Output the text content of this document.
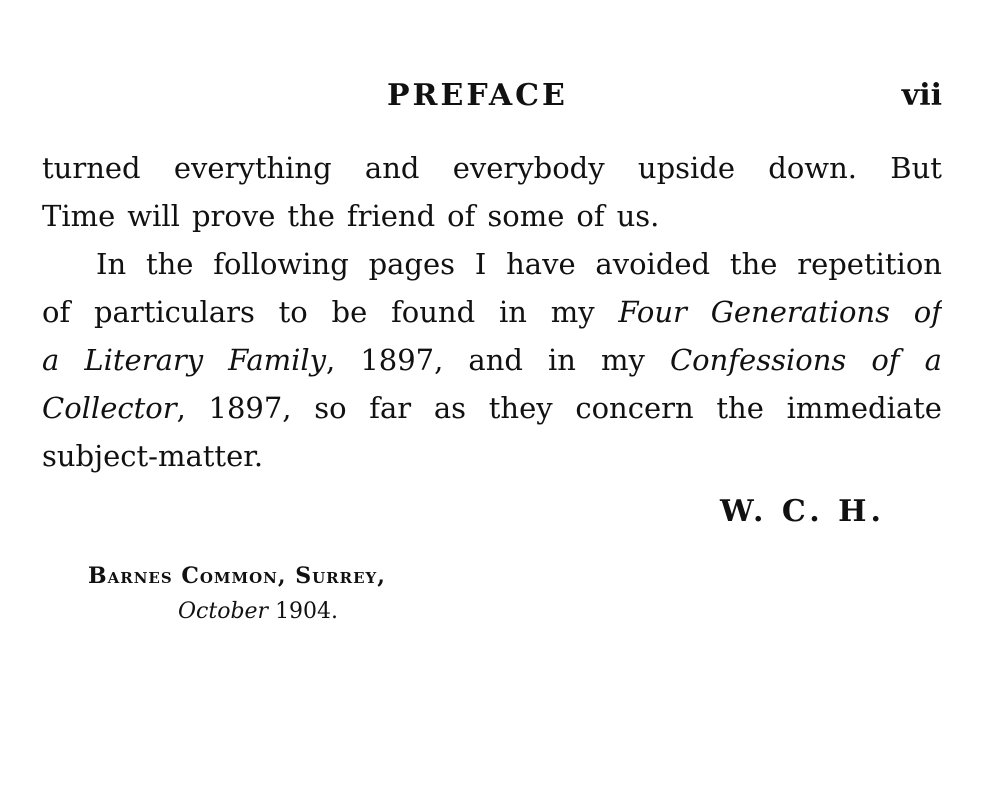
PREFACE	vii
turned everything and everybody upside down. But
Time will prove the friend of some of us.
In the following pages I have avoided the repetition
of particulars to be found in my Four Generations of
a Literary Family, 1897, and in my Confessions of a
Collector, 1897, so far as they concern the immediate
subject-matter.
W. C. H.
Barnes Common, Surrey,
October 1904.
